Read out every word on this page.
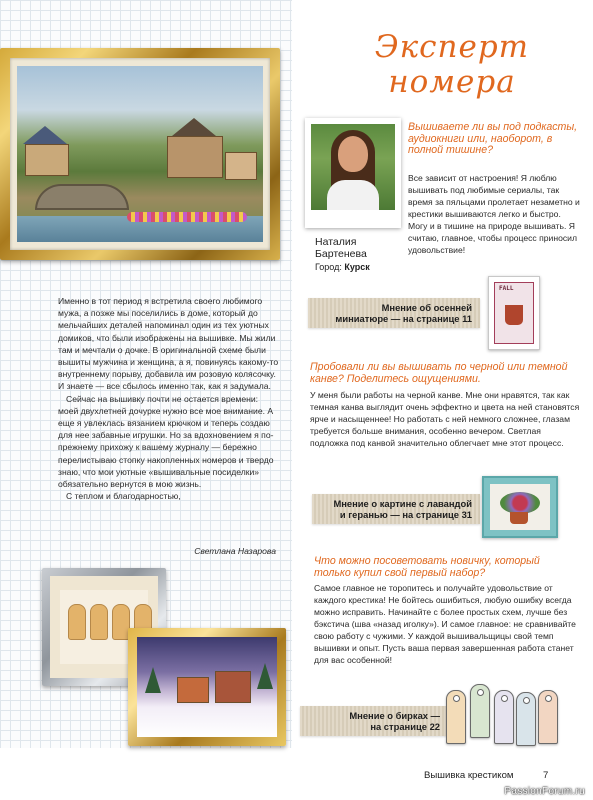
Именно в тот период я встретила своего любимого мужа, а позже мы поселились в доме, который до мельчайших деталей напоминал один из тех уютных домиков, что были изображены на вышивке. Мы жили там и мечтали о дочке. В оригинальной схеме были вышиты мужчина и женщина, а я, повинуясь какому-то внутреннему порыву, добавила им розовую колясочку. И знаете — все сбылось именно так, как я задумала.

Сейчас на вышивку почти не остается времени: моей двухлетней дочурке нужно все мое внимание. А еще я увлеклась вязанием крючком и теперь создаю для нее забавные игрушки. Но за вдохновением я по-прежнему прихожу к вашему журналу — бережно перелистываю стопку накопленных номеров и твердо знаю, что мои уютные «вышивальные посиделки» обязательно вернутся в мою жизнь.

С теплом и благодарностью,

Светлана Назарова
Эксперт
номера
Наталия
Бартенева
Город: Курск
Вышиваете ли вы под подкасты, аудиокниги или, наоборот, в полной тишине?
Все зависит от настроения! Я люблю вышивать под любимые сериалы, так время за пяльцами пролетает незаметно и крестики вышиваются легко и быстро. Могу и в тишине на природе вышивать. Я считаю, главное, чтобы процесс приносил удовольствие!
Мнение об осенней
миниатюре — на странице 11
FALL
Пробовали ли вы вышивать по черной или темной канве? Поделитесь ощущениями.
У меня были работы на черной канве. Мне они нравятся, так как темная канва выглядит очень эффектно и цвета на ней становятся ярче и насыщеннее! Но работать с ней немного сложнее, глазам требуется больше внимания, особенно вечером. Светлая подложка под канвой значительно облегчает мне этот процесс.
Мнение о картине с лавандой
и геранью — на странице 31
Что можно посоветовать новичку, который только купил свой первый набор?
Самое главное не торопитесь и получайте удовольствие от каждого крестика! Не бойтесь ошибиться, любую ошибку всегда можно исправить. Начинайте с более простых схем, лучше без бэкстича (шва «назад иголку»). И самое главное: не сравнивайте свою работу с чужими. У каждой вышивальщицы свой темп вышивки и опыт. Пусть ваша первая завершенная работа станет для вас особенной!
Мнение о бирках —
на странице 22
Вышивка крестиком	7
PassionForum.ru
